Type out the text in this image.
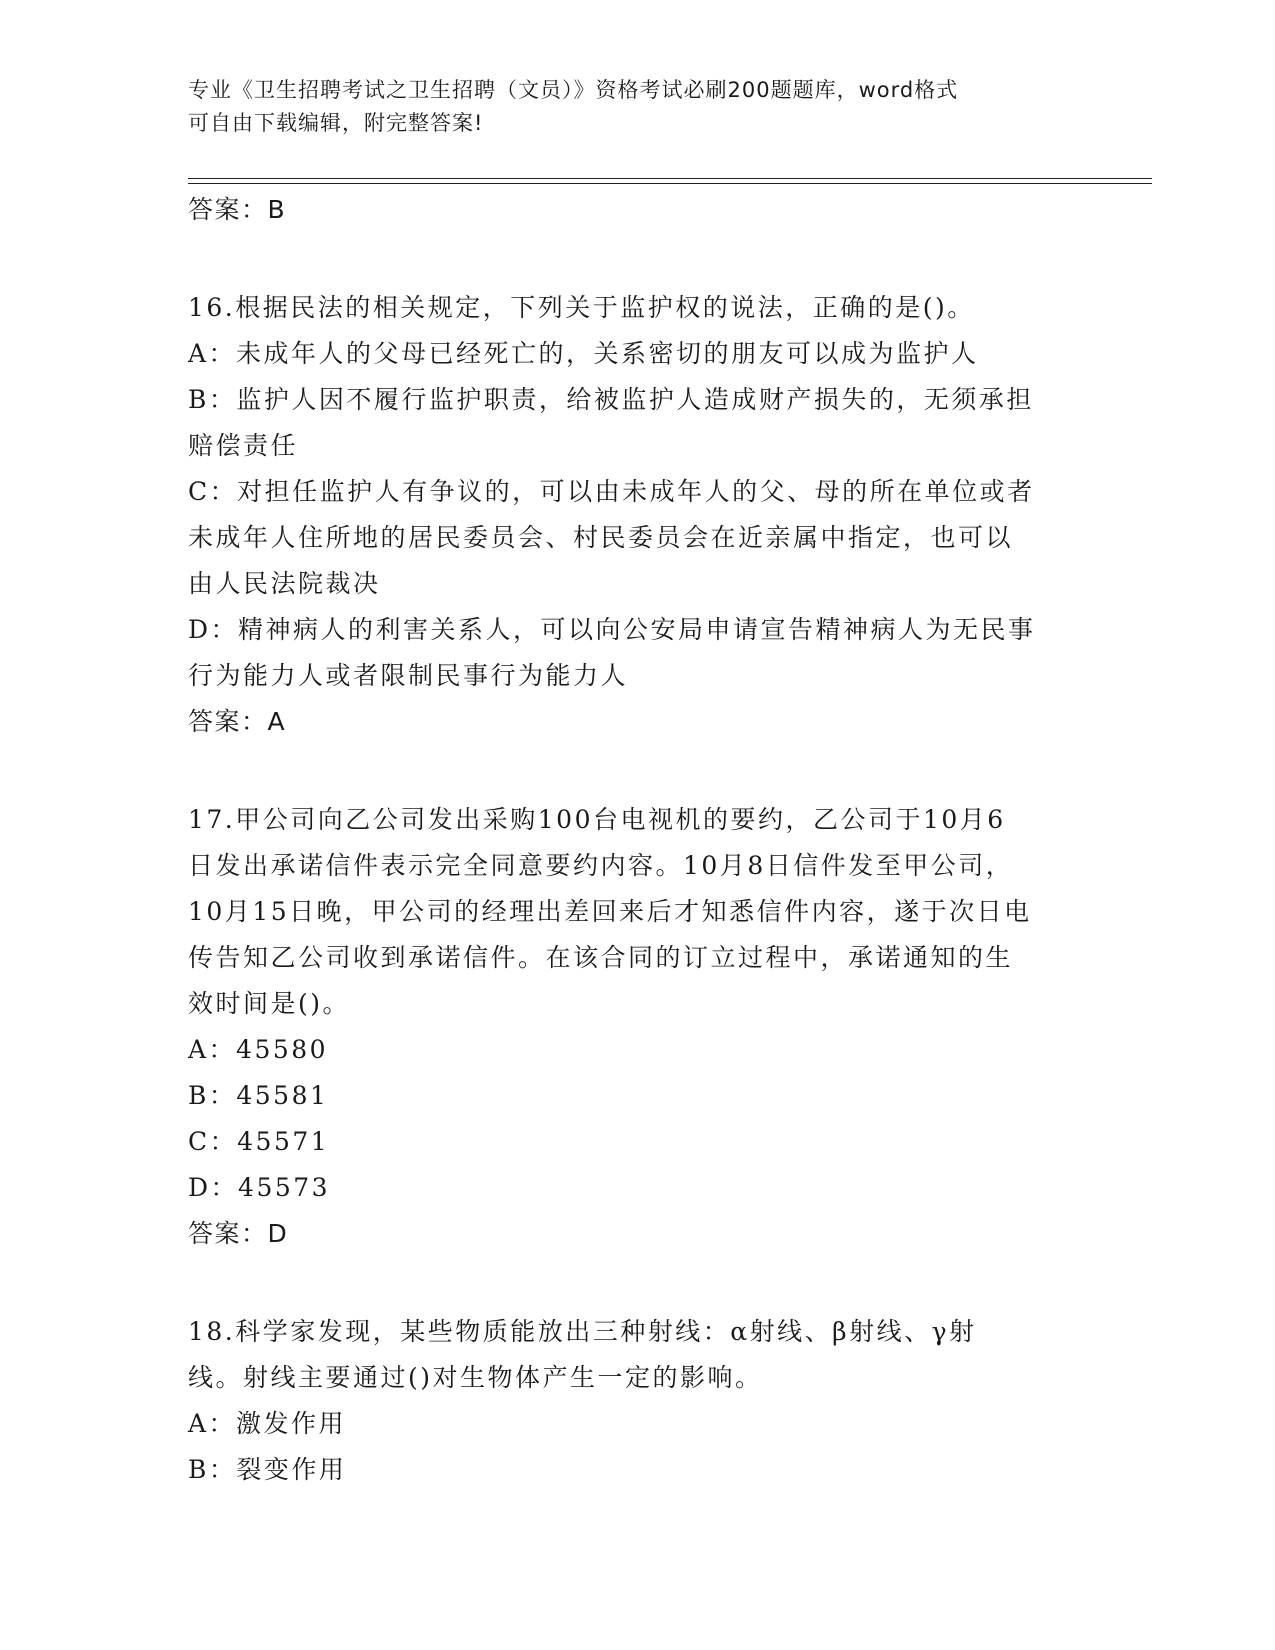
专业《卫生招聘考试之卫生招聘（文员）》资格考试必刷200题题库，word格式
可自由下载编辑，附完整答案!
答案：B
16.根据民法的相关规定，下列关于监护权的说法，正确的是()。
A：未成年人的父母已经死亡的，关系密切的朋友可以成为监护人
B：监护人因不履行监护职责，给被监护人造成财产损失的，无须承担
赔偿责任
C：对担任监护人有争议的，可以由未成年人的父、母的所在单位或者
未成年人住所地的居民委员会、村民委员会在近亲属中指定，也可以
由人民法院裁决
D：精神病人的利害关系人，可以向公安局申请宣告精神病人为无民事
行为能力人或者限制民事行为能力人
答案：A
17.甲公司向乙公司发出采购100台电视机的要约，乙公司于10月6
日发出承诺信件表示完全同意要约内容。10月8日信件发至甲公司，
10月15日晚，甲公司的经理出差回来后才知悉信件内容，遂于次日电
传告知乙公司收到承诺信件。在该合同的订立过程中，承诺通知的生
效时间是()。
A：45580
B：45581
C：45571
D：45573
答案：D
18.科学家发现，某些物质能放出三种射线：α射线、β射线、γ射
线。射线主要通过()对生物体产生一定的影响。
A：激发作用
B：裂变作用
